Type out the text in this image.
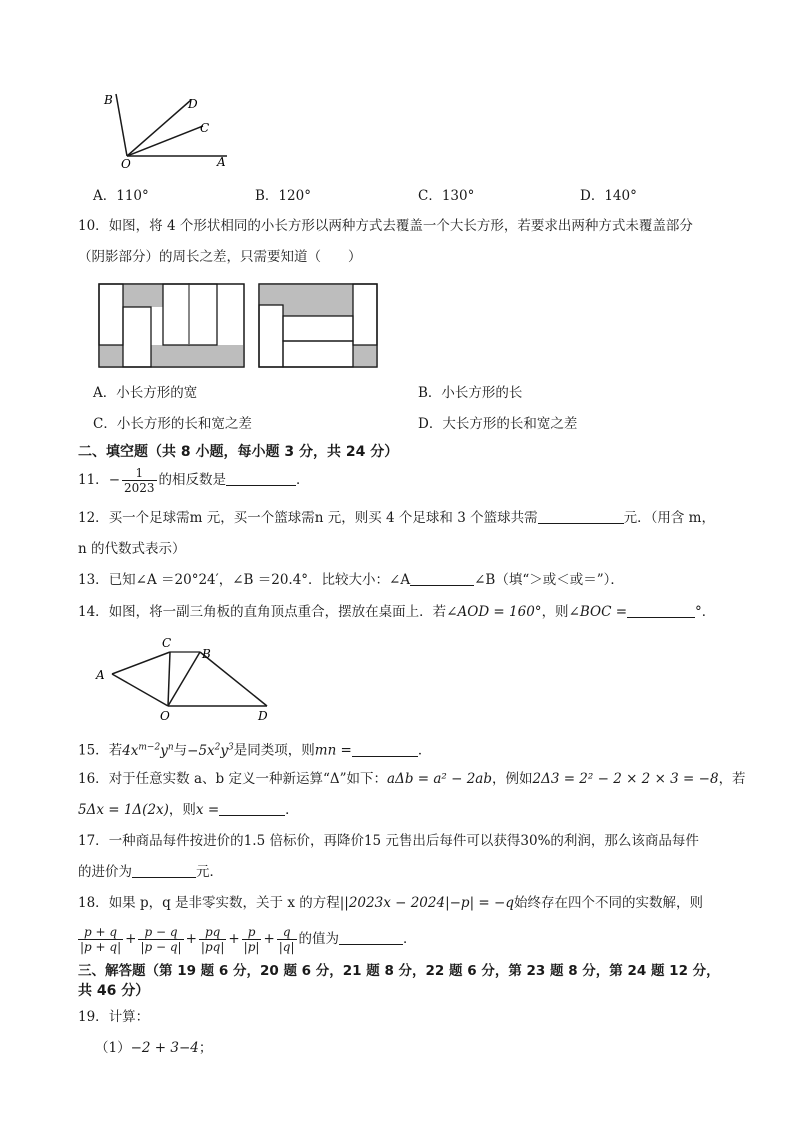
B	D
C
O	A
A．110°	B．120°	C．130°	D．140°
10．如图，将 4 个形状相同的小长方形以两种方式去覆盖一个大长方形，若要求出两种方式未覆盖部分
（阴影部分）的周长之差，只需要知道（　　）
A．小长方形的宽	B．小长方形的长
C．小长方形的长和宽之差	D．大长方形的长和宽之差
二、填空题（共 8 小题，每小题 3 分，共 24 分）
11．− $\frac{1}{2023}$ 的相反数是	．
12．买一个足球需m 元，买一个篮球需n 元，则买 4 个足球和 3 个篮球共需	元．（用含 m，
n 的代数式表示）
13．已知∠A ＝20°24′，∠B ＝20.4°．比较大小：∠A	∠B（填“＞或＜或＝”）．
14．如图，将一副三角板的直角顶点重合，摆放在桌面上．若∠AOD = 160°，则∠BOC =	°．
C
B
A
O	D
15．若$4x^{m-2}y^n$与$-5x^2y^3$是同类项，则mn =	．
16．对于任意实数 a、b 定义一种新运算“Δ”如下：aΔb = a² − 2ab，例如2Δ3 = 2² − 2 × 2 × 3 = −8，若
5Δx = 1Δ(2x)，则x =	．
17．一种商品每件按进价的1.5 倍标价，再降价15 元售出后每件可以获得30%的利润，那么该商品每件
的进价为	元．
18．如果 p，q 是非零实数，关于 x 的方程||2023x − 2024|−p| = −q始终存在四个不同的实数解，则
$\frac{p + q}{|p + q|} + \frac{p - q}{|p - q|} + \frac{pq}{|pq|} + \frac{p}{|p|} + \frac{q}{|q|}$ 的值为	．
三、解答题（第 19 题 6 分，20 题 6 分，21 题 8 分，22 题 6 分，第 23 题 8 分，第 24 题 12 分，
共 46 分）
19．计算：
（1）−2 + 3−4；
